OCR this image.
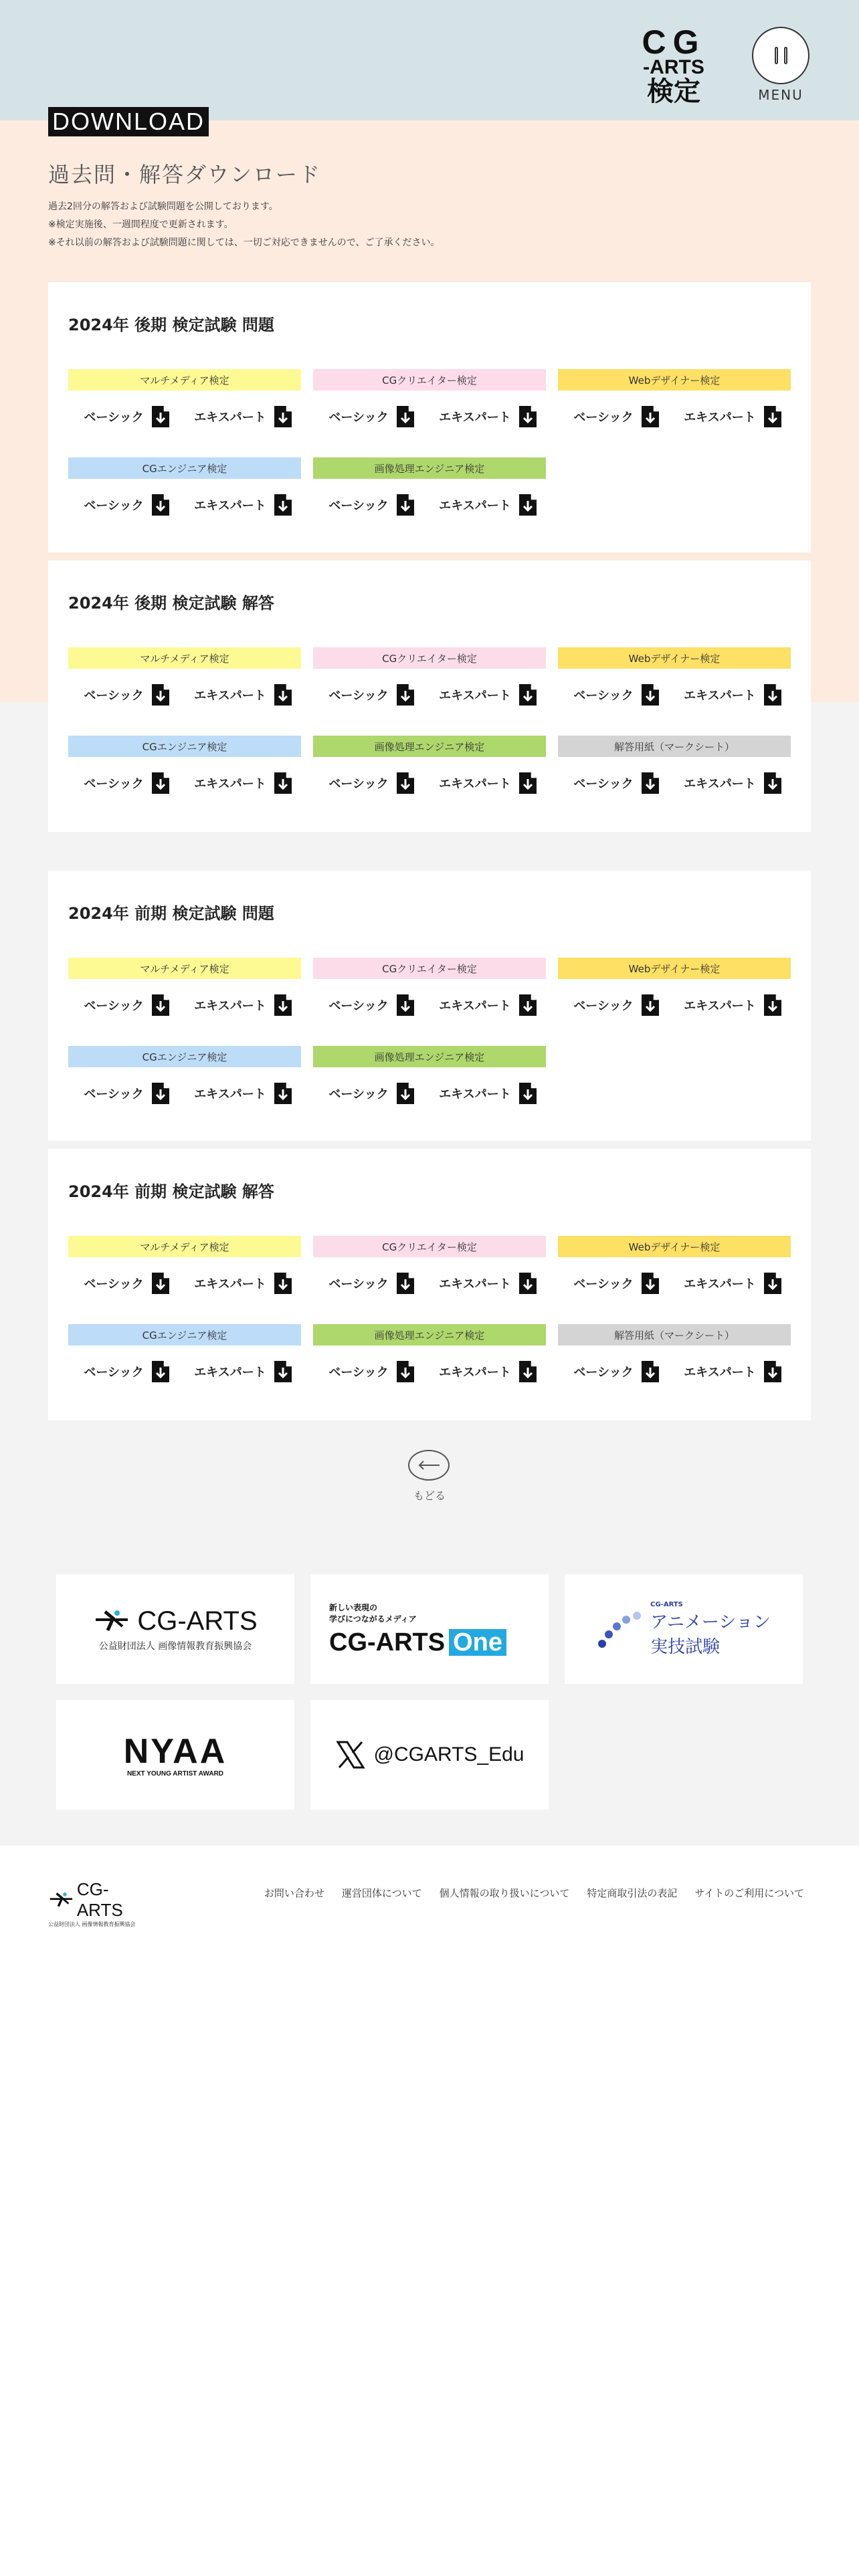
CG
-ARTS
検定	MENU
DOWNLOAD
過去問・解答ダウンロード

過去2回分の解答および試験問題を公開しております。

※検定実施後、一週間程度で更新されます。

※それ以前の解答および試験問題に関しては、一切ご対応できませんので、ご了承ください。

2024年 後期 検定試験 問題
マルチメディア検定
ベーシック	エキスパート
CGクリエイター検定
ベーシック	エキスパート
Webデザイナー検定
ベーシック	エキスパート
CGエンジニア検定
ベーシック	エキスパート
画像処理エンジニア検定
ベーシック	エキスパート
2024年 後期 検定試験 解答
マルチメディア検定
ベーシック	エキスパート
CGクリエイター検定
ベーシック	エキスパート
Webデザイナー検定
ベーシック	エキスパート
CGエンジニア検定
ベーシック	エキスパート
画像処理エンジニア検定
ベーシック	エキスパート
解答用紙（マークシート）
ベーシック	エキスパート
2024年 前期 検定試験 問題
マルチメディア検定
ベーシック	エキスパート
CGクリエイター検定
ベーシック	エキスパート
Webデザイナー検定
ベーシック	エキスパート
CGエンジニア検定
ベーシック	エキスパート
画像処理エンジニア検定
ベーシック	エキスパート
2024年 前期 検定試験 解答
マルチメディア検定
ベーシック	エキスパート
CGクリエイター検定
ベーシック	エキスパート
Webデザイナー検定
ベーシック	エキスパート
CGエンジニア検定
ベーシック	エキスパート
画像処理エンジニア検定
ベーシック	エキスパート
解答用紙（マークシート）
ベーシック	エキスパート
もどる
CG-ARTS
公益財団法人 画像情報教育振興協会
新しい表現の
学びにつながるメディア
CG-ARTS One
CG-ARTS
アニメーション
実技試験
NYAA
NEXT YOUNG ARTIST AWARD
@CGARTS_Edu
CG-ARTS
公益財団法人 画像情報教育振興協会
お問い合わせ 運営団体について 個人情報の取り扱いについて 特定商取引法の表記 サイトのご利用について
